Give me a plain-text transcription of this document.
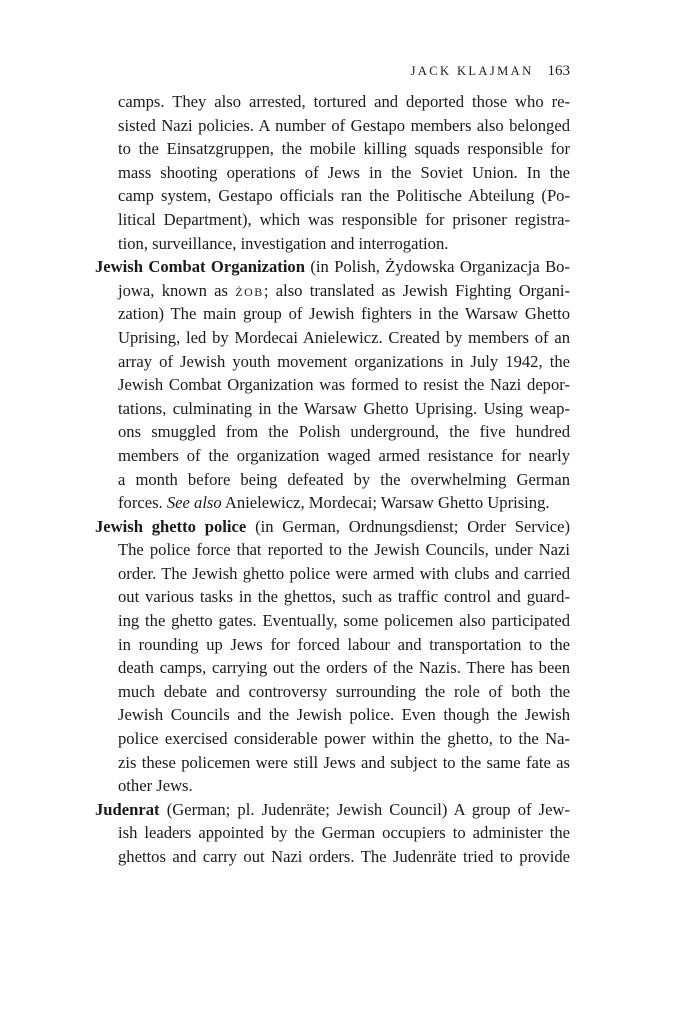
JACK KLAJMAN 163
camps. They also arrested, tortured and deported those who re-
sisted Nazi policies. A number of Gestapo members also belonged
to the Einsatzgruppen, the mobile killing squads responsible for
mass shooting operations of Jews in the Soviet Union. In the
camp system, Gestapo officials ran the Politische Abteilung (Po-
litical Department), which was responsible for prisoner registra-
tion, surveillance, investigation and interrogation.
Jewish Combat Organization (in Polish, Żydowska Organizacja Bo-
jowa, known as żob; also translated as Jewish Fighting Organi-
zation) The main group of Jewish fighters in the Warsaw Ghetto
Uprising, led by Mordecai Anielewicz. Created by members of an
array of Jewish youth movement organizations in July 1942, the
Jewish Combat Organization was formed to resist the Nazi depor-
tations, culminating in the Warsaw Ghetto Uprising. Using weap-
ons smuggled from the Polish underground, the five hundred
members of the organization waged armed resistance for nearly
a month before being defeated by the overwhelming German
forces. See also Anielewicz, Mordecai; Warsaw Ghetto Uprising.
Jewish ghetto police (in German, Ordnungsdienst; Order Service)
The police force that reported to the Jewish Councils, under Nazi
order. The Jewish ghetto police were armed with clubs and carried
out various tasks in the ghettos, such as traffic control and guard-
ing the ghetto gates. Eventually, some policemen also participated
in rounding up Jews for forced labour and transportation to the
death camps, carrying out the orders of the Nazis. There has been
much debate and controversy surrounding the role of both the
Jewish Councils and the Jewish police. Even though the Jewish
police exercised considerable power within the ghetto, to the Na-
zis these policemen were still Jews and subject to the same fate as
other Jews.
Judenrat (German; pl. Judenräte; Jewish Council) A group of Jew-
ish leaders appointed by the German occupiers to administer the
ghettos and carry out Nazi orders. The Judenräte tried to provide
